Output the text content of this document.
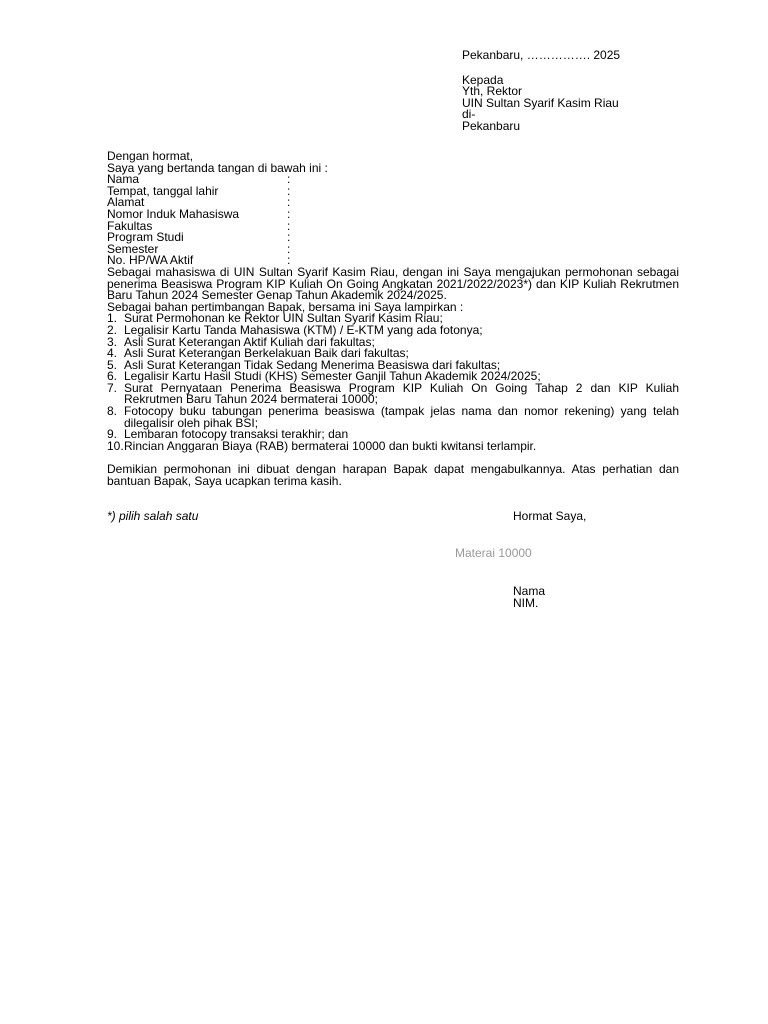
Pekanbaru, ……………. 2025
Kepada
Yth, Rektor
UIN Sultan Syarif Kasim Riau
di-
Pekanbaru
Dengan hormat,
Saya yang bertanda tangan di bawah ini :
Nama	:
Tempat, tanggal lahir	:
Alamat	:
Nomor Induk Mahasiswa	:
Fakultas	:
Program Studi	:
Semester	:
No. HP/WA Aktif	:
Sebagai mahasiswa di UIN Sultan Syarif Kasim Riau, dengan ini Saya mengajukan permohonan sebagai penerima Beasiswa Program KIP Kuliah On Going Angkatan 2021/2022/2023*) dan KIP Kuliah Rekrutmen Baru Tahun 2024 Semester Genap Tahun Akademik 2024/2025.
Sebagai bahan pertimbangan Bapak, bersama ini Saya lampirkan :
1. Surat Permohonan ke Rektor UIN Sultan Syarif Kasim Riau;
2. Legalisir Kartu Tanda Mahasiswa (KTM) / E-KTM yang ada fotonya;
3. Asli Surat Keterangan Aktif Kuliah dari fakultas;
4. Asli Surat Keterangan Berkelakuan Baik dari fakultas;
5. Asli Surat Keterangan Tidak Sedang Menerima Beasiswa dari fakultas;
6. Legalisir Kartu Hasil Studi (KHS) Semester Ganjil Tahun Akademik 2024/2025;
7. Surat Pernyataan Penerima Beasiswa Program KIP Kuliah On Going Tahap 2 dan KIP Kuliah Rekrutmen Baru Tahun 2024 bermaterai 10000;
8. Fotocopy buku tabungan penerima beasiswa (tampak jelas nama dan nomor rekening) yang telah dilegalisir oleh pihak BSI;
9. Lembaran fotocopy transaksi terakhir; dan
10. Rincian Anggaran Biaya (RAB) bermaterai 10000 dan bukti kwitansi terlampir.
Demikian permohonan ini dibuat dengan harapan Bapak dapat mengabulkannya. Atas perhatian dan bantuan Bapak, Saya ucapkan terima kasih.
*) pilih salah satu	Hormat Saya,
Materai 10000
Nama
NIM.
